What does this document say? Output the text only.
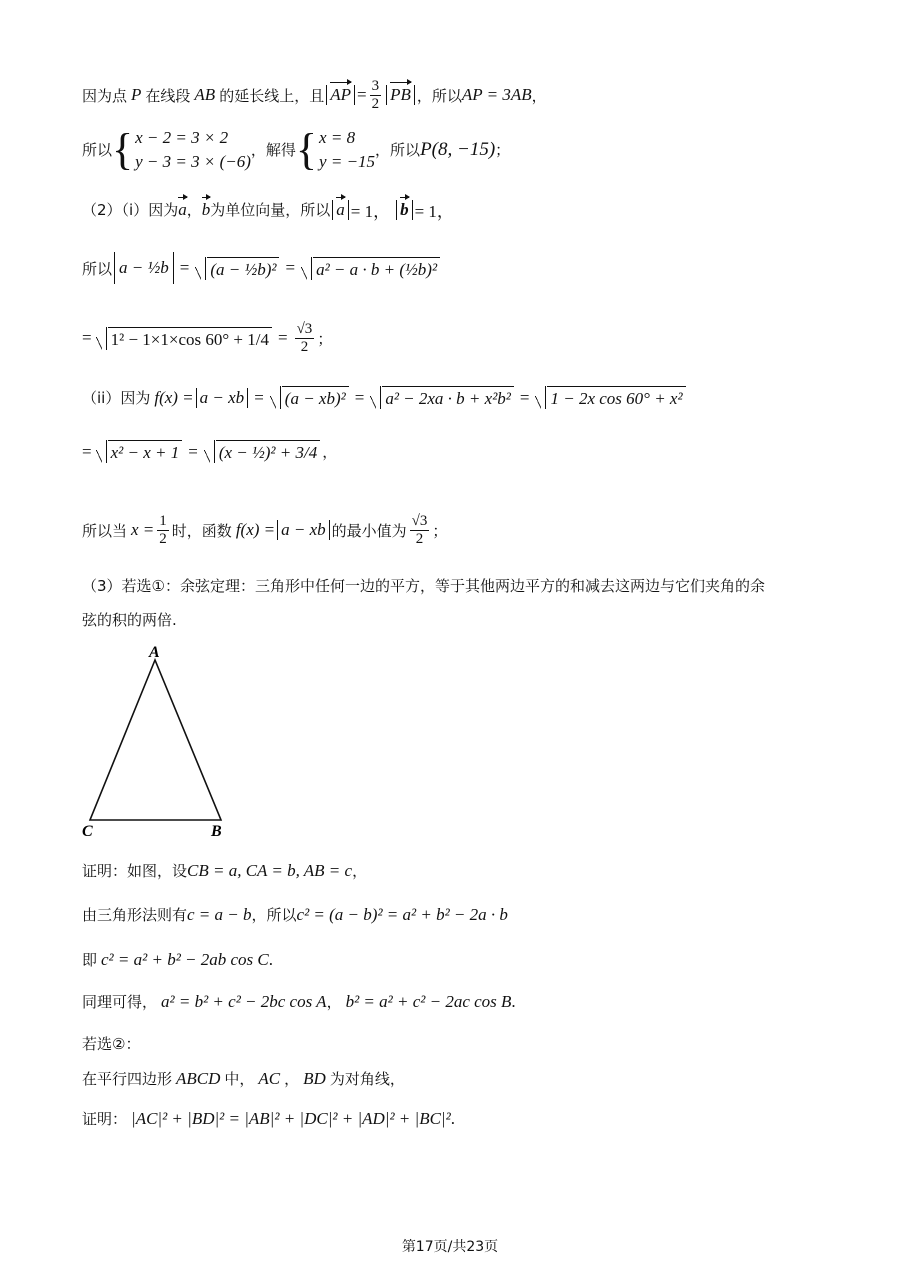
因为点 P 在线段 AB 的延长线上，且 AP = $\frac{3}{2}$ PB ，所以 AP = 3AB ，
所以 { x − 2 = 3 × 2
y − 3 = 3 × (−6)
，解得 { x = 8
y = −15
，所以 P(8, −15) ；
（2）（i）因为 a ， b 为单位向量，所以 a = 1， b = 1，
所以 a − ½b = (a − ½b)² = a² − a · b + (½b)²
= 1² − 1×1×cos $60^\circ + 1/4 = \frac{√3}{2}$ ；
（ii）因为 f(x) = a − xb = (a − xb)² = a² − 2xa · b + x²b² = 1 − 2x cos 60° + x²
= x² − x + 1 = (x − ½)² + 3/4 ，
所以当 $x = \frac{1}{2}$ 时，函数 f(x) = a − xb 的最小值为 $\frac{√3}{2}$ ；
（3）若选①：余弦定理：三角形中任何一边的平方，等于其他两边平方的和减去这两边与它们夹角的余
弦的积的两倍.
A
B
C
证明：如图，设 CB = a, CA = b, AB = c ，
由三角形法则有 c = a − b ，所以 c² = (a − b)² = a² + b² − 2a · b
即 c² = a² + b² − 2ab cos C .
同理可得， a² = b² + c² − 2bc cos A ， b² = a² + c² − 2ac cos B .
若选②：
在平行四边形 ABCD 中， AC ， BD 为对角线，
证明： |AC|² + |BD|² = |AB|² + |DC|² + |AD|² + |BC|² .
第17页/共23页
